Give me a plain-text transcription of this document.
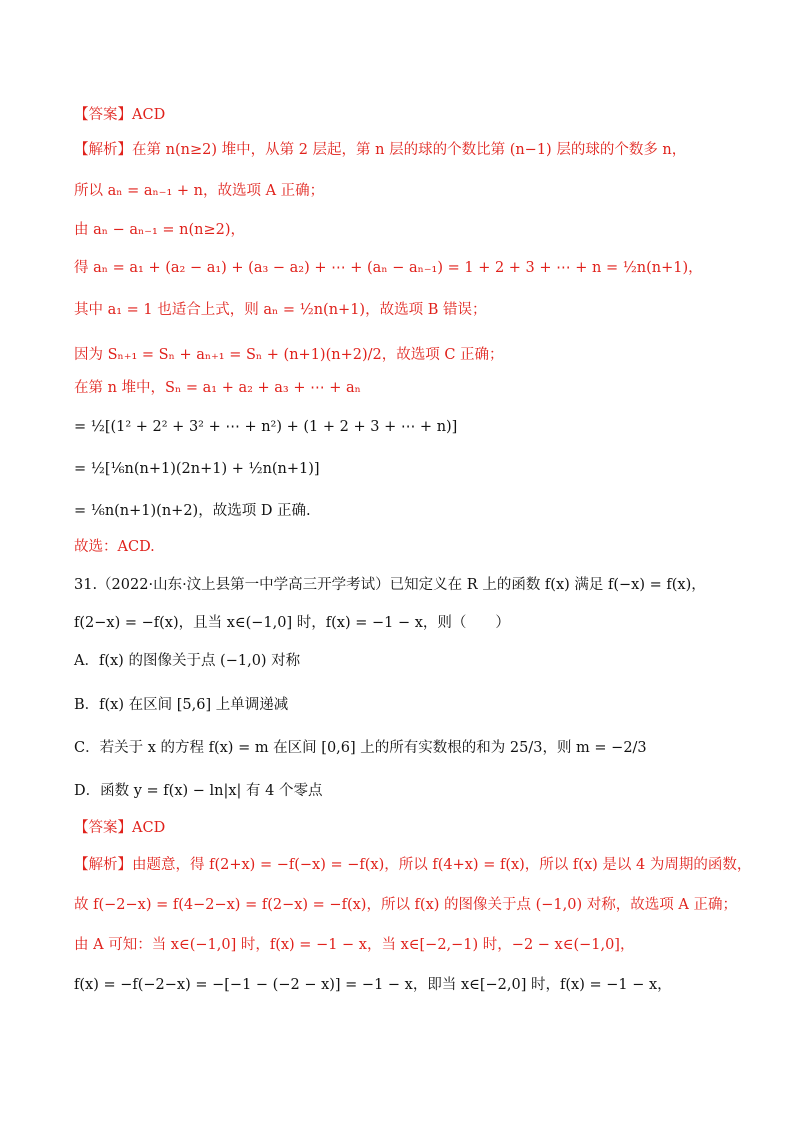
【答案】ACD
【解析】在第 n(n≥2) 堆中，从第 2 层起，第 n 层的球的个数比第 (n−1) 层的球的个数多 n，
所以 aₙ = aₙ₋₁ + n，故选项 A 正确；
由 aₙ − aₙ₋₁ = n(n≥2)，
得 aₙ = a₁ + (a₂ − a₁) + (a₃ − a₂) + ⋯ + (aₙ − aₙ₋₁) = 1 + 2 + 3 + ⋯ + n = ½n(n+1)，
其中 a₁ = 1 也适合上式，则 aₙ = ½n(n+1)，故选项 B 错误；
因为 Sₙ₊₁ = Sₙ + aₙ₊₁ = Sₙ + (n+1)(n+2)/2，故选项 C 正确；
在第 n 堆中，Sₙ = a₁ + a₂ + a₃ + ⋯ + aₙ
= ½[(1² + 2² + 3² + ⋯ + n²) + (1 + 2 + 3 + ⋯ + n)]
= ½[⅙n(n+1)(2n+1) + ½n(n+1)]
= ⅙n(n+1)(n+2)，故选项 D 正确.
故选：ACD.
31.（2022·山东·汶上县第一中学高三开学考试）已知定义在 R 上的函数 f(x) 满足 f(−x) = f(x)，
f(2−x) = −f(x)，且当 x∈(−1,0] 时，f(x) = −1 − x，则（　　）
A．f(x) 的图像关于点 (−1,0) 对称
B．f(x) 在区间 [5,6] 上单调递减
C．若关于 x 的方程 f(x) = m 在区间 [0,6] 上的所有实数根的和为 25/3，则 m = −2/3
D．函数 y = f(x) − ln|x| 有 4 个零点
【答案】ACD
【解析】由题意，得 f(2+x) = −f(−x) = −f(x)，所以 f(4+x) = f(x)，所以 f(x) 是以 4 为周期的函数，
故 f(−2−x) = f(4−2−x) = f(2−x) = −f(x)，所以 f(x) 的图像关于点 (−1,0) 对称，故选项 A 正确；
由 A 可知：当 x∈(−1,0] 时，f(x) = −1 − x，当 x∈[−2,−1) 时，−2 − x∈(−1,0]，
f(x) = −f(−2−x) = −[−1 − (−2 − x)] = −1 − x，即当 x∈[−2,0] 时，f(x) = −1 − x，
